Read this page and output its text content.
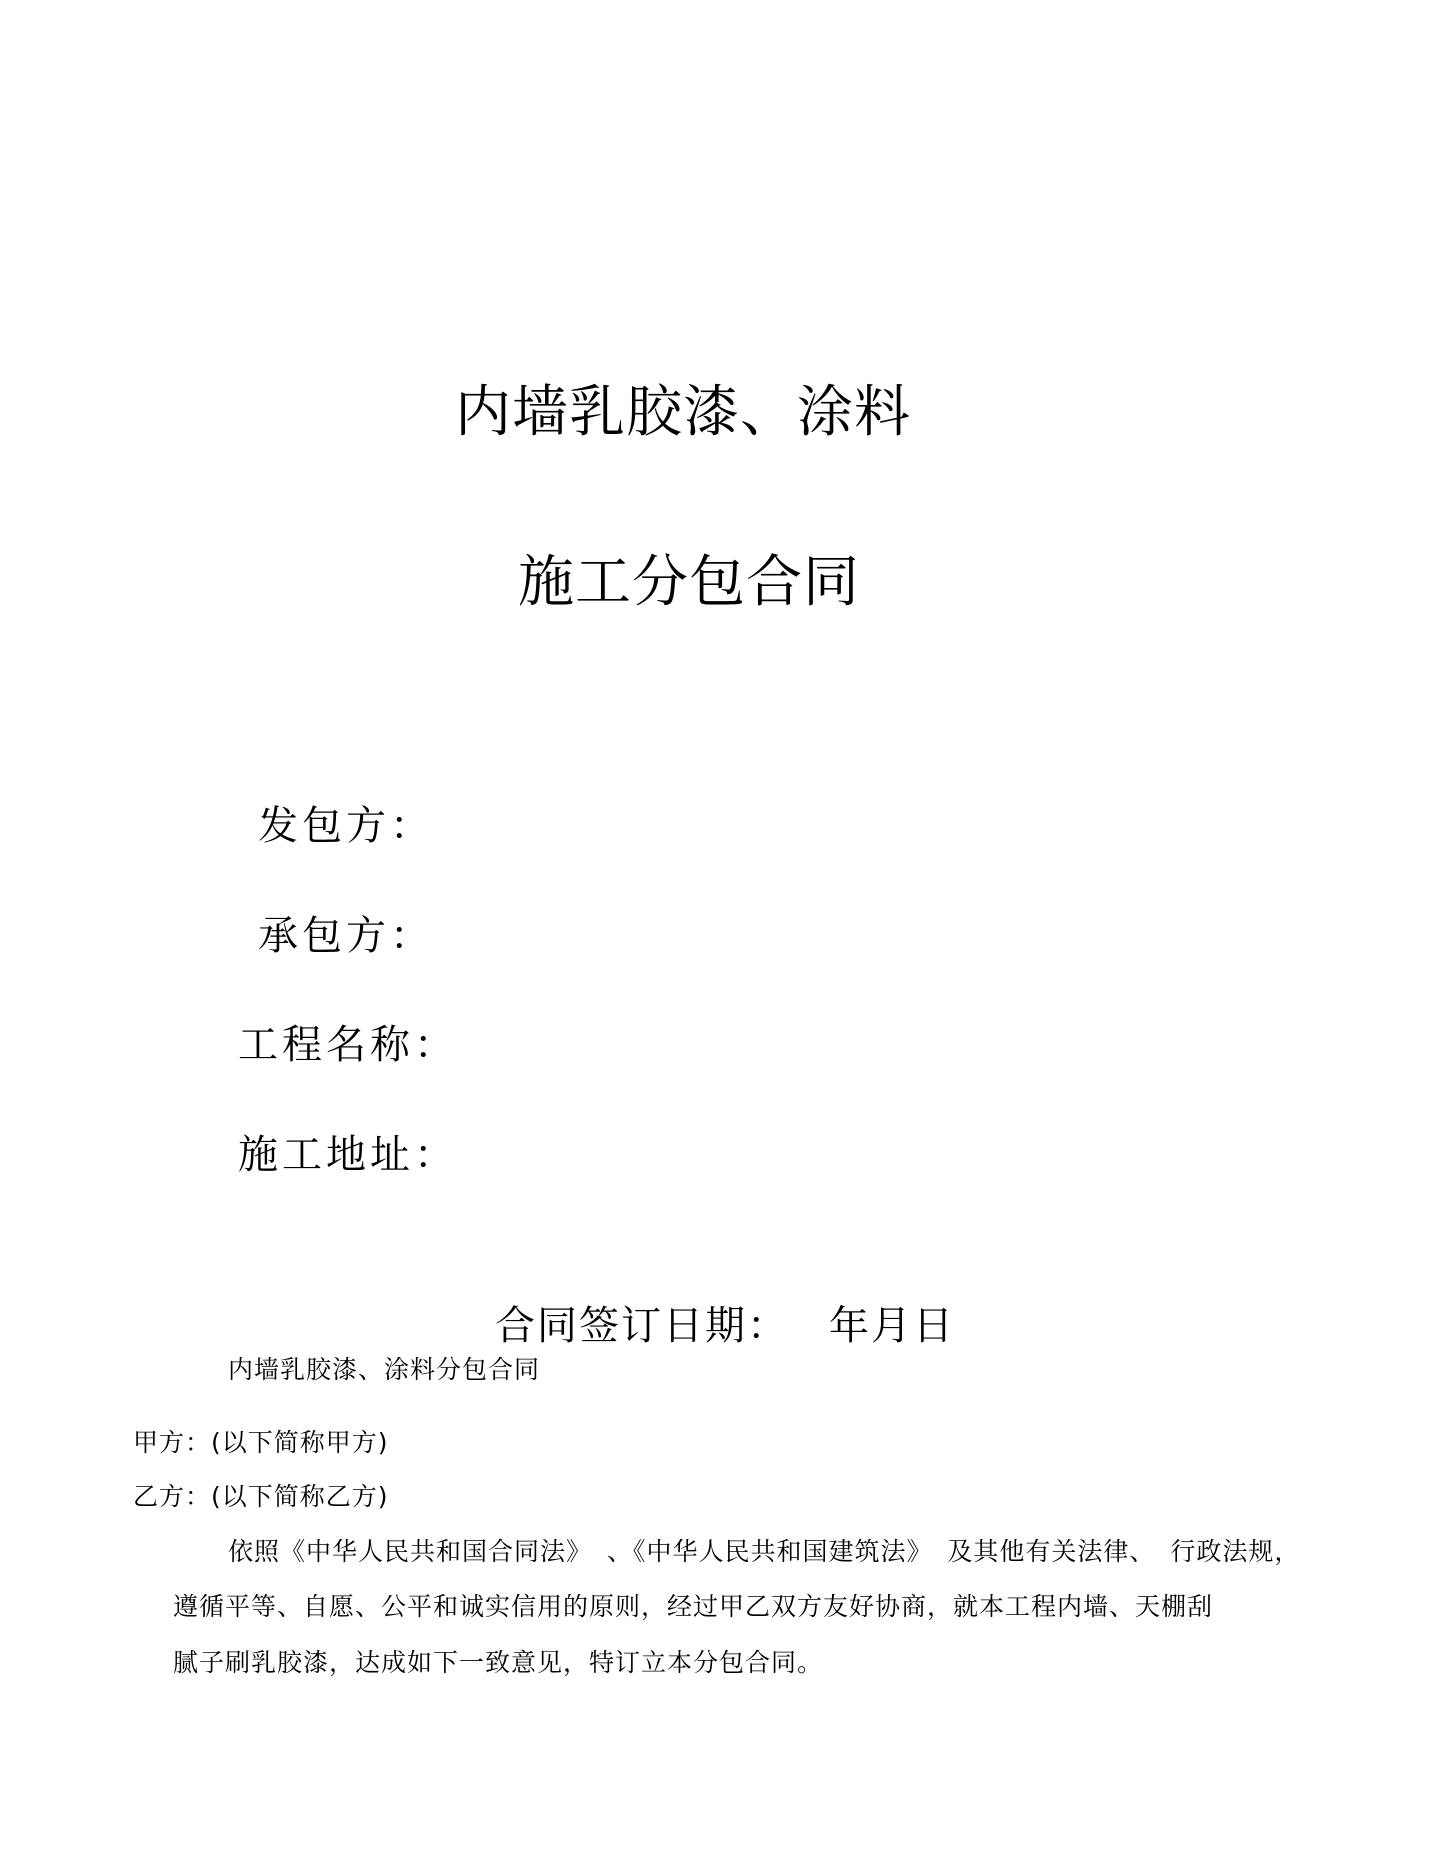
内墙乳胶漆、涂料
施工分包合同
发包方：
承包方：
工程名称：
施工地址：
合同签订日期： 年月日
内墙乳胶漆、涂料分包合同
甲方：(以下简称甲方)
乙方：(以下简称乙方)
依照《中华人民共和国合同法》 、《中华人民共和国建筑法》 及其他有关法律、 行政法规，
遵循平等、自愿、公平和诚实信用的原则，经过甲乙双方友好协商，就本工程内墙、天棚刮
腻子刷乳胶漆，达成如下一致意见，特订立本分包合同。
